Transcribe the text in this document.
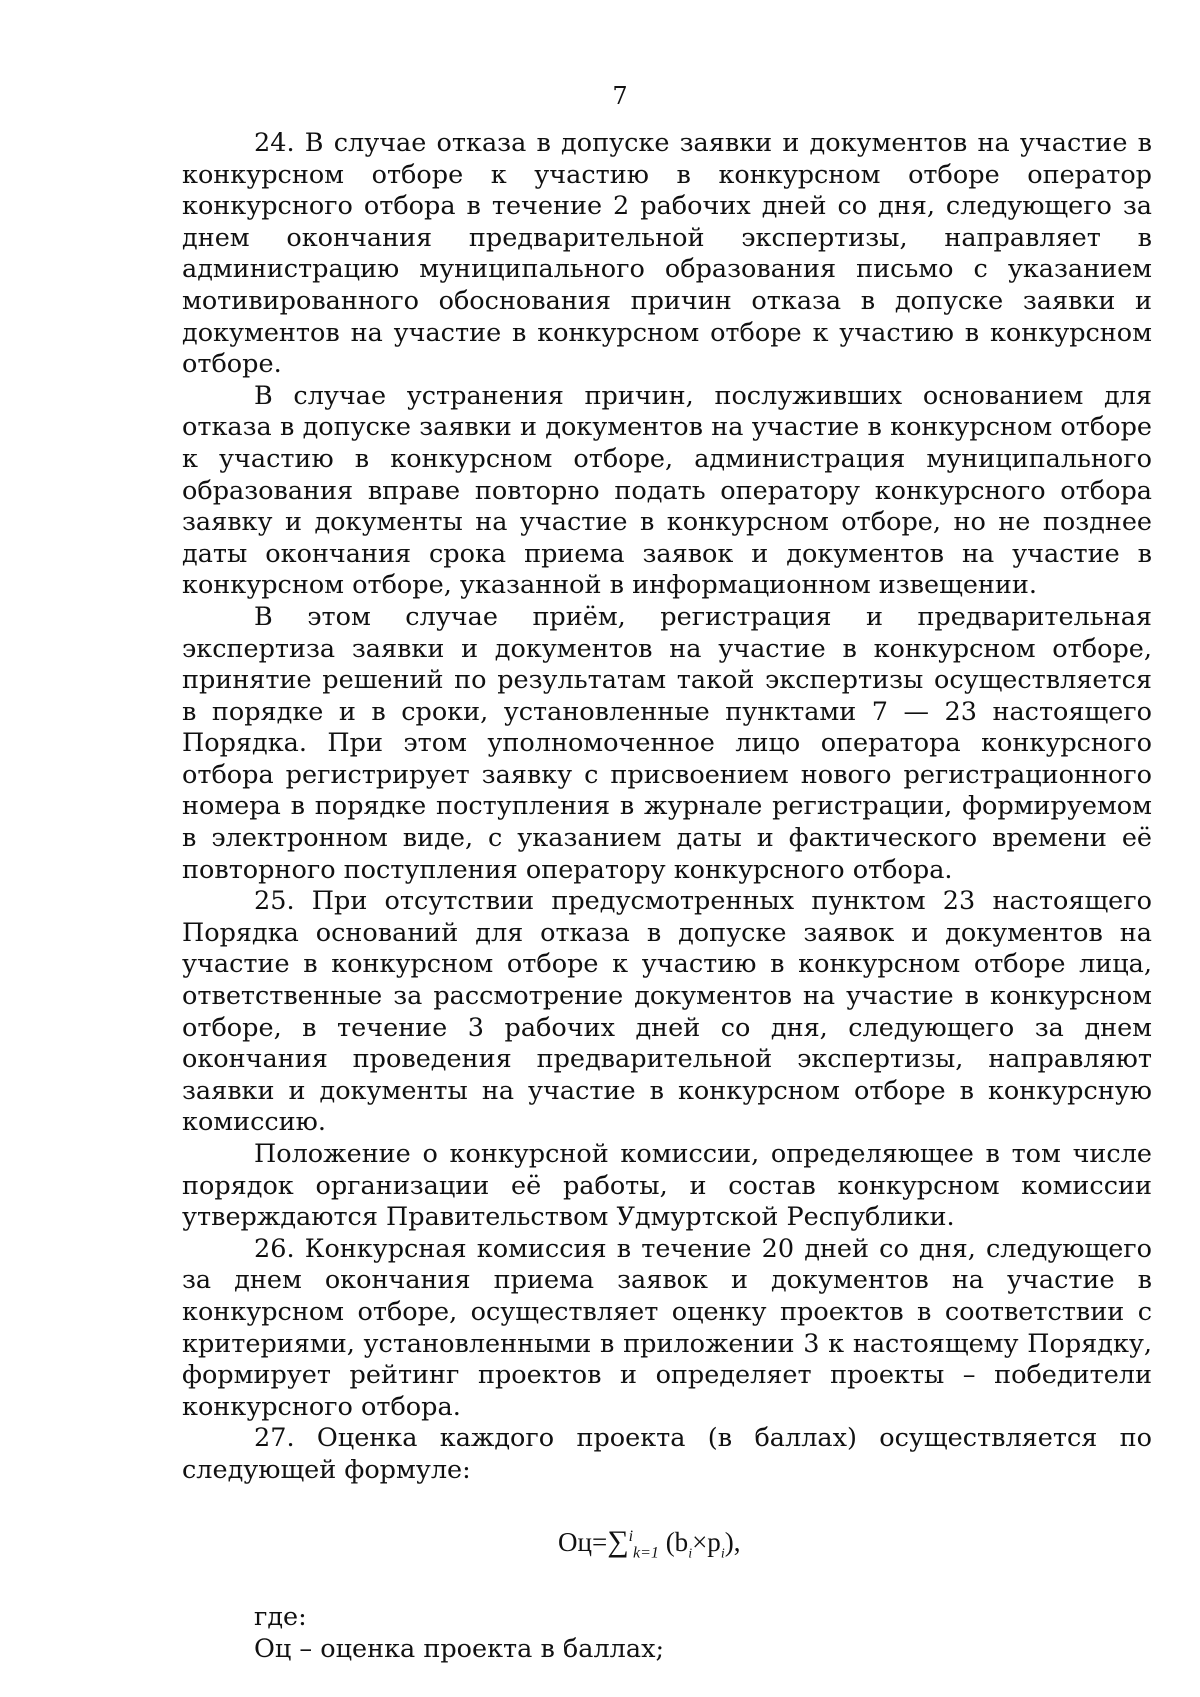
7

24. В случае отказа в допуске заявки и документов на участие в конкурсном отборе к участию в конкурсном отборе оператор конкурсного отбора в течение 2 рабочих дней со дня, следующего за днем окончания предварительной экспертизы, направляет в администрацию муниципального образования письмо с указанием мотивированного обоснования причин отказа в допуске заявки и документов на участие в конкурсном отборе к участию в конкурсном отборе.

В случае устранения причин, послуживших основанием для отказа в допуске заявки и документов на участие в конкурсном отборе к участию в конкурсном отборе, администрация муниципального образования вправе повторно подать оператору конкурсного отбора заявку и документы на участие в конкурсном отборе, но не позднее даты окончания срока приема заявок и документов на участие в конкурсном отборе, указанной в информационном извещении.

В этом случае приём, регистрация и предварительная экспертиза заявки и документов на участие в конкурсном отборе, принятие решений по результатам такой экспертизы осуществляется в порядке и в сроки, установленные пунктами 7 — 23 настоящего Порядка. При этом уполномоченное лицо оператора конкурсного отбора регистрирует заявку с присвоением нового регистрационного номера в порядке поступления в журнале регистрации, формируемом в электронном виде, с указанием даты и фактического времени её повторного поступления оператору конкурсного отбора.

25. При отсутствии предусмотренных пунктом 23 настоящего Порядка оснований для отказа в допуске заявок и документов на участие в конкурсном отборе к участию в конкурсном отборе лица, ответственные за рассмотрение документов на участие в конкурсном отборе, в течение 3 рабочих дней со дня, следующего за днем окончания проведения предварительной экспертизы, направляют заявки и документы на участие в конкурсном отборе в конкурсную комиссию.

Положение о конкурсной комиссии, определяющее в том числе порядок организации её работы, и состав конкурсном комиссии утверждаются Правительством Удмуртской Республики.

26. Конкурсная комиссия в течение 20 дней со дня, следующего за днем окончания приема заявок и документов на участие в конкурсном отборе, осуществляет оценку проектов в соответствии с критериями, установленными в приложении 3 к настоящему Порядку, формирует рейтинг проектов и определяет проекты – победители конкурсного отбора.

27. Оценка каждого проекта (в баллах) осуществляется по следующей формуле:

Оц=∑$^i_{k=1}$ $(b_i\times p_i)$,

где:

Оц – оценка проекта в баллах;
